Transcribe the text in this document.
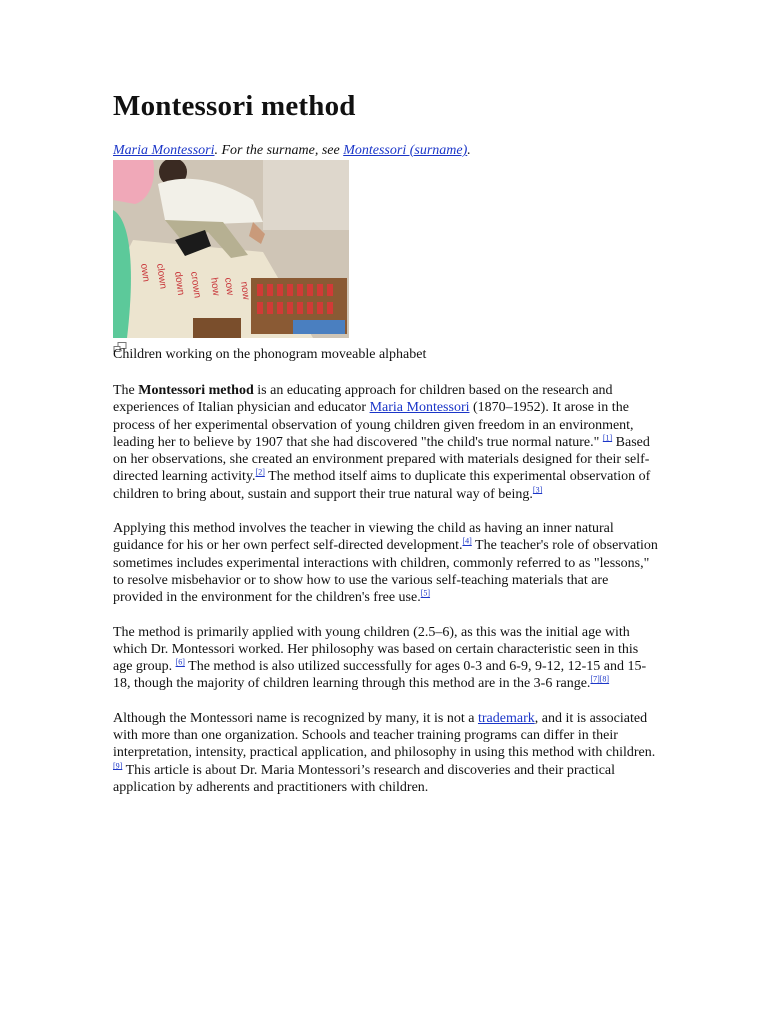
Montessori method
Maria Montessori. For the surname, see Montessori (surname).
own clown down crown how cow now
Children working on the phonogram moveable alphabet

The Montessori method is an educating approach for children based on the research and experiences of Italian physician and educator Maria Montessori (1870–1952). It arose in the process of her experimental observation of young children given freedom in an environment, leading her to believe by 1907 that she had discovered "the child's true normal nature." [1] Based on her observations, she created an environment prepared with materials designed for their self-directed learning activity.[2] The method itself aims to duplicate this experimental observation of children to bring about, sustain and support their true natural way of being.[3]

Applying this method involves the teacher in viewing the child as having an inner natural guidance for his or her own perfect self-directed development.[4] The teacher's role of observation sometimes includes experimental interactions with children, commonly referred to as "lessons," to resolve misbehavior or to show how to use the various self-teaching materials that are provided in the environment for the children's free use.[5]

The method is primarily applied with young children (2.5–6), as this was the initial age with which Dr. Montessori worked. Her philosophy was based on certain characteristic seen in this age group. [6] The method is also utilized successfully for ages 0-3 and 6-9, 9-12, 12-15 and 15-18, though the majority of children learning through this method are in the 3-6 range.[7][8]

Although the Montessori name is recognized by many, it is not a trademark, and it is associated with more than one organization. Schools and teacher training programs can differ in their interpretation, intensity, practical application, and philosophy in using this method with children.[9] This article is about Dr. Maria Montessori’s research and discoveries and their practical application by adherents and practitioners with children.
